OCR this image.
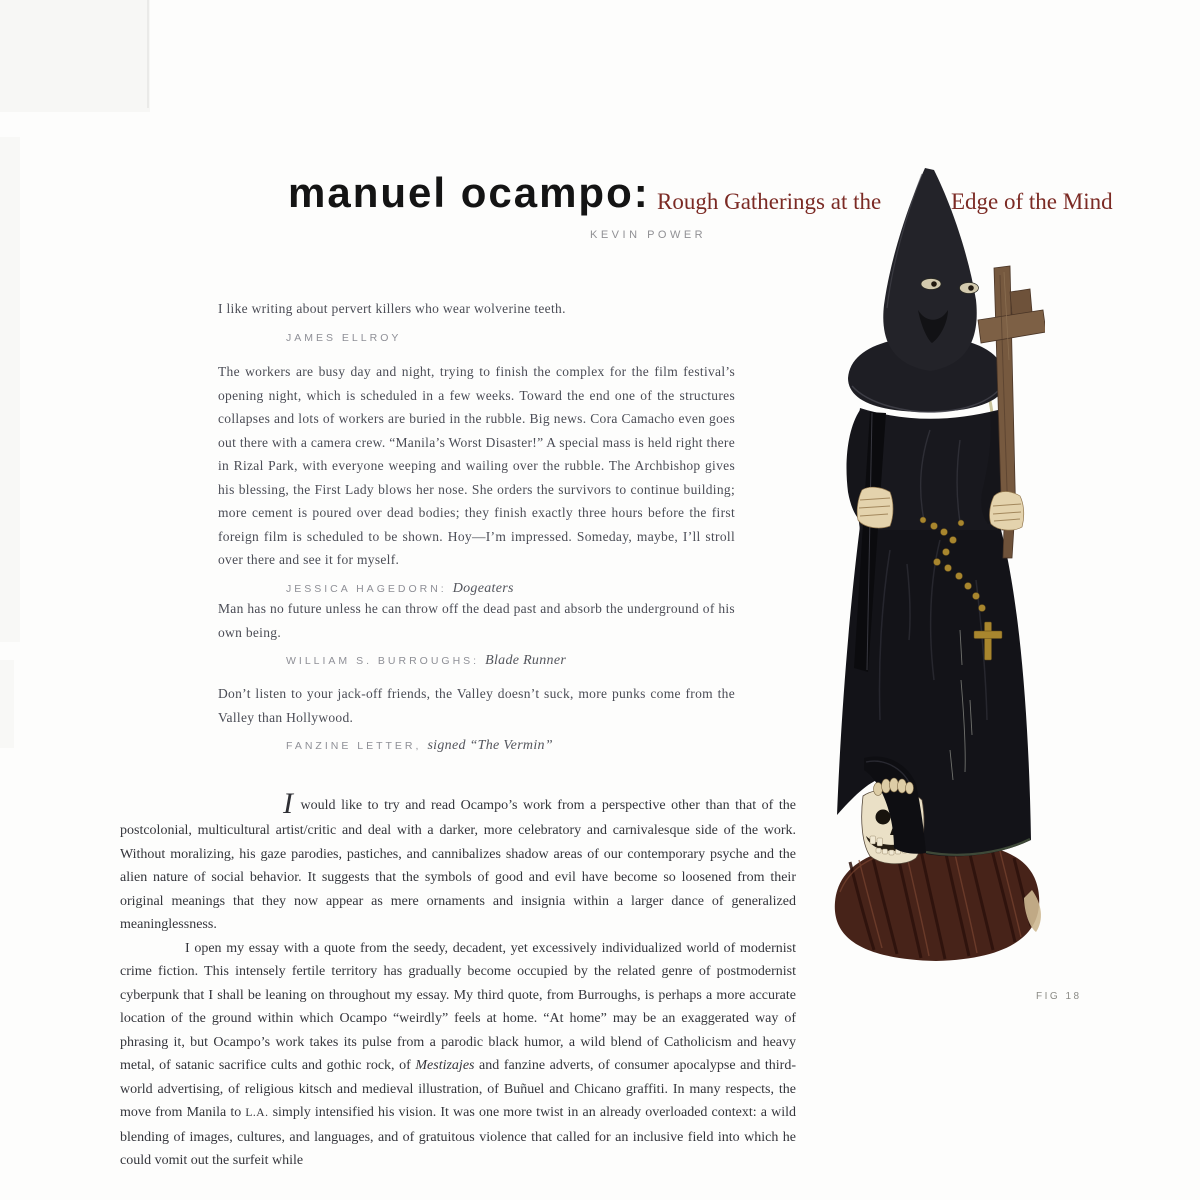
manuel ocampo: Rough Gatherings at the	Edge of the Mind
KEVIN POWER
I like writing about pervert killers who wear wolverine teeth.
JAMES ELLROY
The workers are busy day and night, trying to finish the complex for the film festival’s opening night, which is scheduled in a few weeks. Toward the end one of the structures collapses and lots of workers are buried in the rubble. Big news. Cora Camacho even goes out there with a camera crew. “Manila’s Worst Disaster!” A special mass is held right there in Rizal Park, with everyone weeping and wailing over the rubble. The Archbishop gives his blessing, the First Lady blows her nose. She orders the survivors to continue building; more cement is poured over dead bodies; they finish exactly three hours before the first foreign film is scheduled to be shown. Hoy—I’m impressed. Someday, maybe, I’ll stroll over there and see it for myself.
JESSICA HAGEDORN: Dogeaters
Man has no future unless he can throw off the dead past and absorb the underground of his own being.
WILLIAM S. BURROUGHS: Blade Runner
Don’t listen to your jack-off friends, the Valley doesn’t suck, more punks come from the Valley than Hollywood.
FANZINE LETTER, signed “The Vermin”

I would like to try and read Ocampo’s work from a perspective other than that of the postcolonial, multicultural artist/critic and deal with a darker, more celebratory and carnivalesque side of the work. Without moralizing, his gaze parodies, pastiches, and cannibalizes shadow areas of our contemporary psyche and the alien nature of social behavior. It suggests that the symbols of good and evil have become so loosened from their original meanings that they now appear as mere ornaments and insignia within a larger dance of generalized meaninglessness.

I open my essay with a quote from the seedy, decadent, yet excessively individualized world of modernist crime fiction. This intensely fertile territory has gradually become occupied by the related genre of postmodernist cyberpunk that I shall be leaning on throughout my essay. My third quote, from Burroughs, is perhaps a more accurate location of the ground within which Ocampo “weirdly” feels at home. “At home” may be an exaggerated way of phrasing it, but Ocampo’s work takes its pulse from a parodic black humor, a wild blend of Catholicism and heavy metal, of satanic sacrifice cults and gothic rock, of Mestizajes and fanzine adverts, of consumer apocalypse and third-world advertising, of religious kitsch and medieval illustration, of Buñuel and Chicano graffiti. In many respects, the move from Manila to L.A. simply intensified his vision. It was one more twist in an already overloaded context: a wild blending of images, cultures, and languages, and of gratuitous violence that called for an inclusive field into which he could vomit out the surfeit while

FIG 18
